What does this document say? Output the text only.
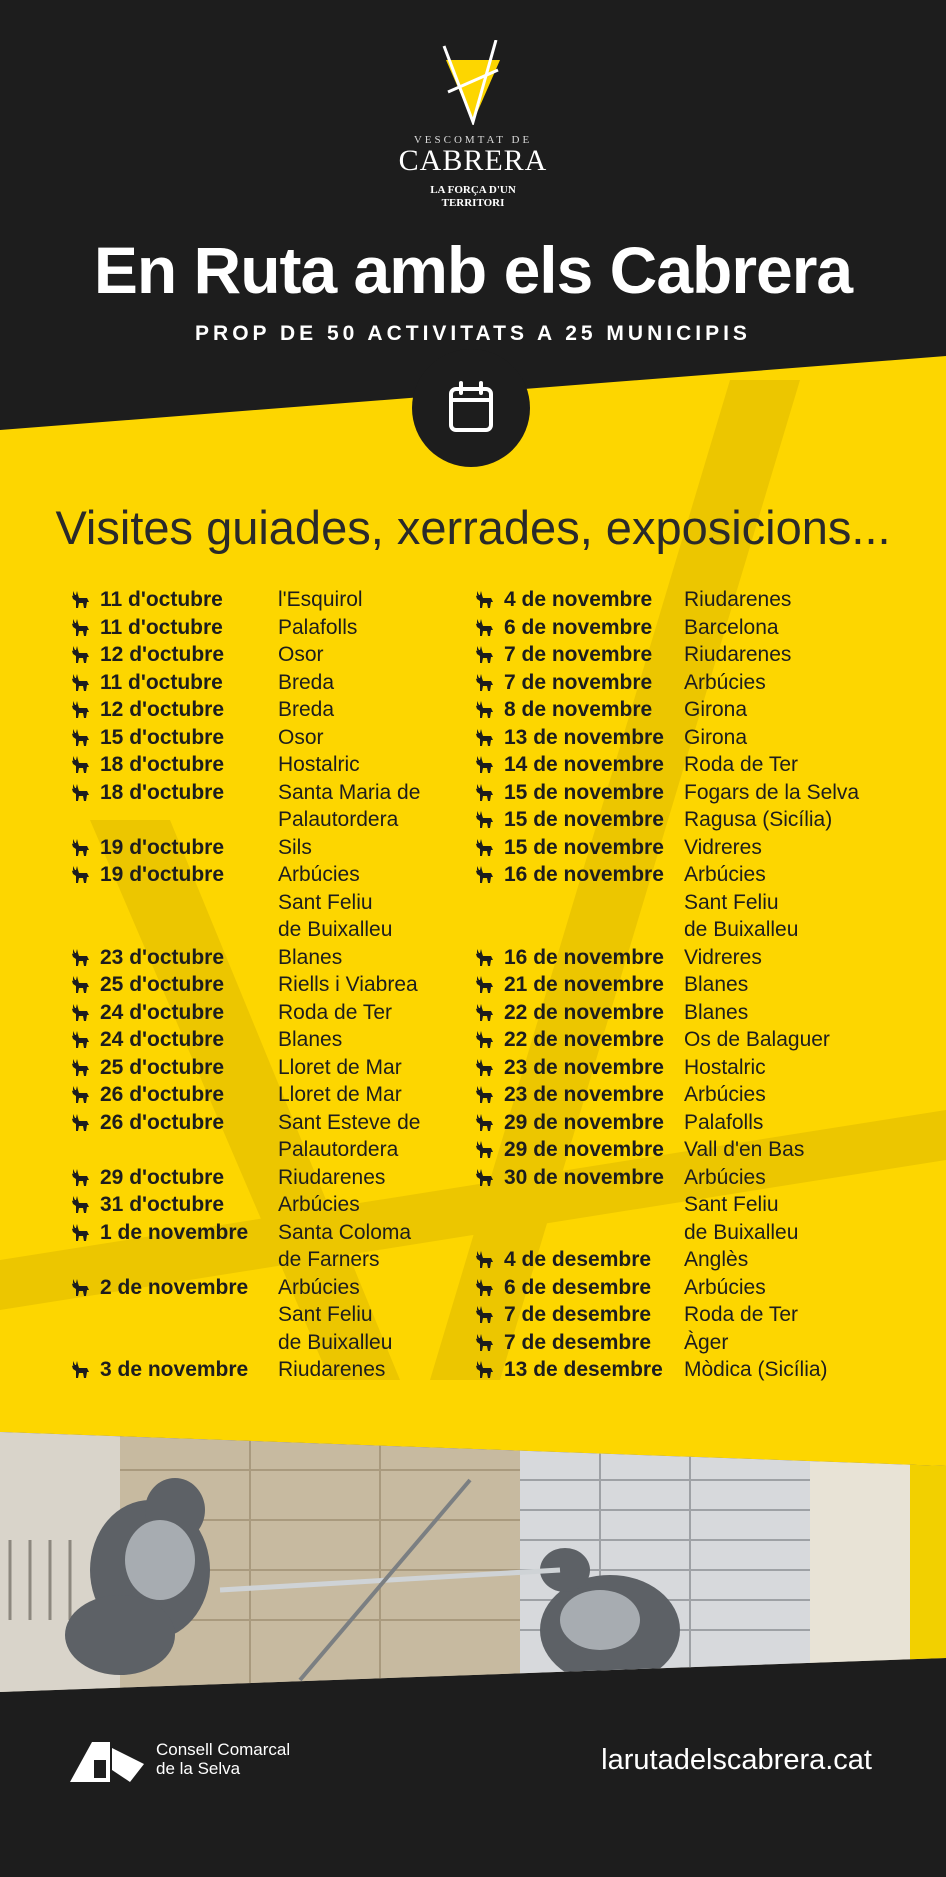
VESCOMTAT DE
CABRERA
LA FORÇA D'UN
TERRITORI
En Ruta amb els Cabrera
PROP DE 50 ACTIVITATS A 25 MUNICIPIS
Visites guiades, xerrades, exposicions...
11 d'octubre	l'Esquirol
11 d'octubre	Palafolls
12 d'octubre	Osor
11 d'octubre	Breda
12 d'octubre	Breda
15 d'octubre	Osor
18 d'octubre	Hostalric
18 d'octubre	Santa Maria de
Palautordera
19 d'octubre	Sils
19 d'octubre	Arbúcies
Sant Feliu
de Buixalleu
23 d'octubre	Blanes
25 d'octubre	Riells i Viabrea
24 d'octubre	Roda de Ter
24 d'octubre	Blanes
25 d'octubre	Lloret de Mar
26 d'octubre	Lloret de Mar
26 d'octubre	Sant Esteve de
Palautordera
29 d'octubre	Riudarenes
31 d'octubre	Arbúcies
1 de novembre	Santa Coloma
de Farners
2 de novembre	Arbúcies
Sant Feliu
de Buixalleu
3 de novembre	Riudarenes
4 de novembre	Riudarenes
6 de novembre	Barcelona
7 de novembre	Riudarenes
7 de novembre	Arbúcies
8 de novembre	Girona
13 de novembre Girona
14 de novembre Roda de Ter
15 de novembre Fogars de la Selva
15 de novembre Ragusa (Sicília)
15 de novembre Vidreres
16 de novembre Arbúcies
Sant Feliu
de Buixalleu
16 de novembre Vidreres
21 de novembre Blanes
22 de novembre Blanes
22 de novembre Os de Balaguer
23 de novembre Hostalric
23 de novembre Arbúcies
29 de novembre Palafolls
29 de novembre Vall d'en Bas
30 de novembre Arbúcies
Sant Feliu
de Buixalleu
4 de desembre	Anglès
6 de desembre	Arbúcies
7 de desembre	Roda de Ter
7 de desembre	Àger
13 de desembre	Mòdica (Sicília)
Consell Comarcal
de la Selva	larutadelscabrera.cat
